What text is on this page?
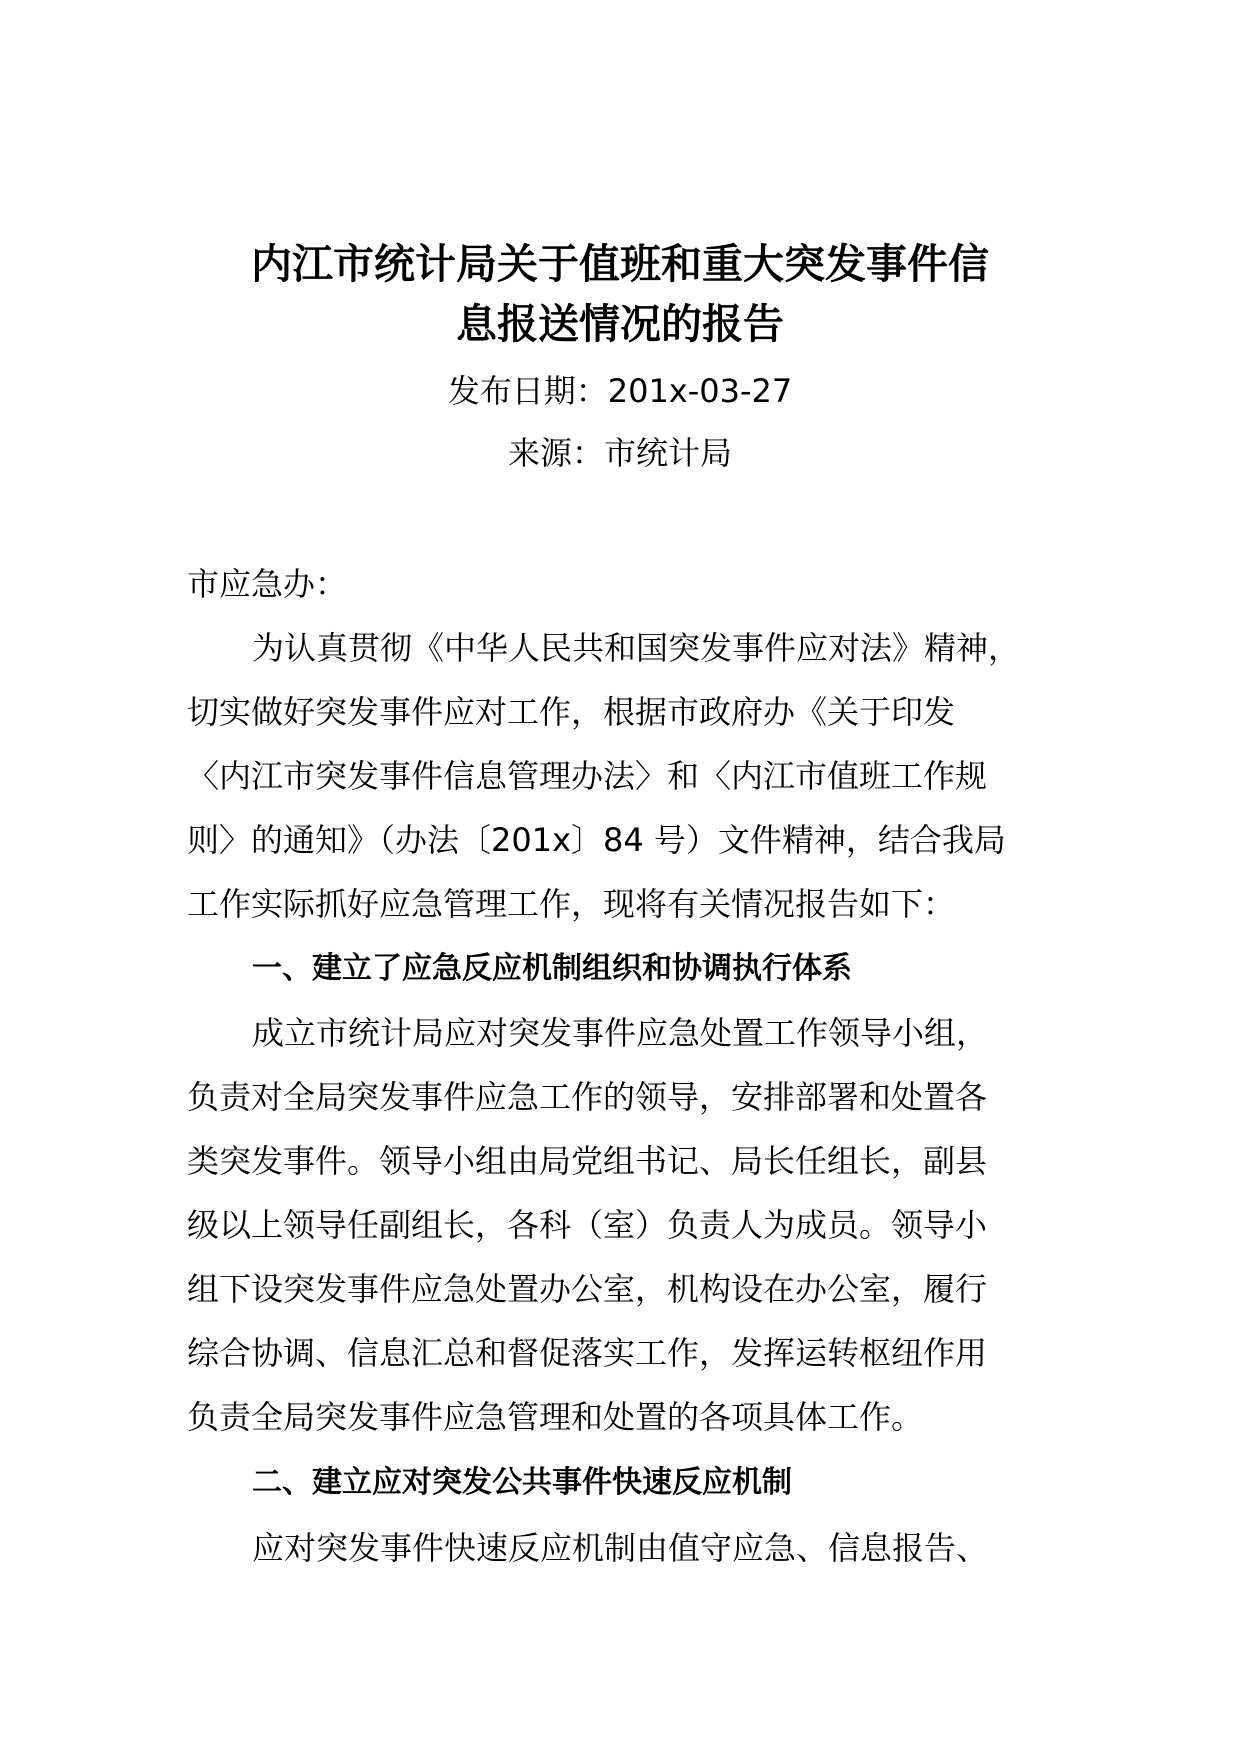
内江市统计局关于值班和重大突发事件信
息报送情况的报告

发布日期：201x-03-27

来源：市统计局

市应急办：

为认真贯彻《中华人民共和国突发事件应对法》精神，

切实做好突发事件应对工作，根据市政府办《关于印发

〈内江市突发事件信息管理办法〉和〈内江市值班工作规

则〉的通知》（办法〔201x〕84 号）文件精神，结合我局

工作实际抓好应急管理工作，现将有关情况报告如下：

一、建立了应急反应机制组织和协调执行体系

成立市统计局应对突发事件应急处置工作领导小组，

负责对全局突发事件应急工作的领导，安排部署和处置各

类突发事件。领导小组由局党组书记、局长任组长，副县

级以上领导任副组长，各科（室）负责人为成员。领导小

组下设突发事件应急处置办公室，机构设在办公室，履行

综合协调、信息汇总和督促落实工作，发挥运转枢纽作用

负责全局突发事件应急管理和处置的各项具体工作。

二、建立应对突发公共事件快速反应机制

应对突发事件快速反应机制由值守应急、信息报告、
